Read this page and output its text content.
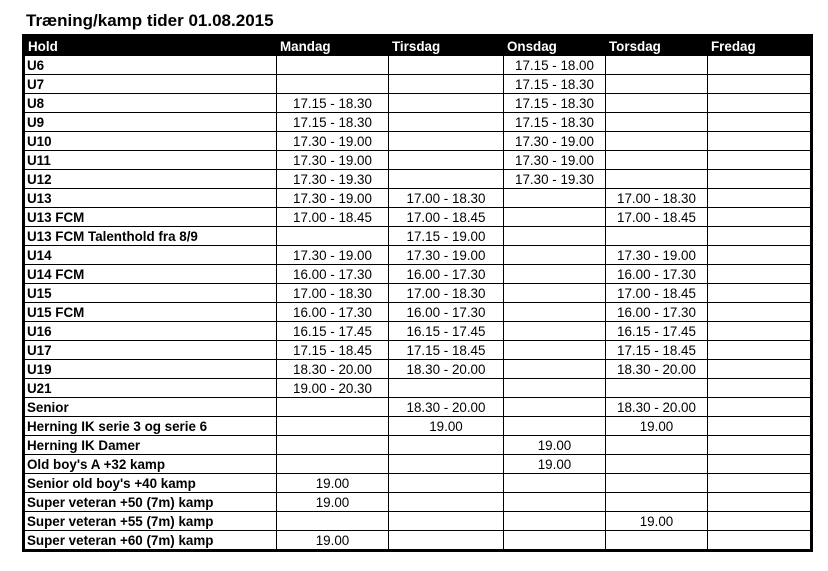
Træning/kamp tider 01.08.2015
Hold	Mandag	Tirsdag	Onsdag	Torsdag	Fredag
U6			17.15 - 18.00		
U7			17.15 - 18.30		
U8	17.15 - 18.30		17.15 - 18.30		
U9	17.15 - 18.30		17.15 - 18.30		
U10	17.30 - 19.00		17.30 - 19.00		
U11	17.30 - 19.00		17.30 - 19.00		
U12	17.30 - 19.30		17.30 - 19.30		
U13	17.30 - 19.00	17.00 - 18.30		17.00 - 18.30	
U13 FCM	17.00 - 18.45	17.00 - 18.45		17.00 - 18.45	
U13 FCM Talenthold fra 8/9		17.15 - 19.00			
U14	17.30 - 19.00	17.30 - 19.00		17.30 - 19.00	
U14 FCM	16.00 - 17.30	16.00 - 17.30		16.00 - 17.30	
U15	17.00 - 18.30	17.00 - 18.30		17.00 - 18.45	
U15 FCM	16.00 - 17.30	16.00 - 17.30		16.00 - 17.30	
U16	16.15 - 17.45	16.15 - 17.45		16.15 - 17.45	
U17	17.15 - 18.45	17.15 - 18.45		17.15 - 18.45	
U19	18.30 - 20.00	18.30 - 20.00		18.30 - 20.00	
U21	19.00 - 20.30				
Senior		18.30 - 20.00		18.30 - 20.00	
Herning IK serie 3 og serie 6		19.00		19.00	
Herning IK Damer			19.00		
Old boy's A +32 kamp			19.00		
Senior old boy's +40 kamp	19.00				
Super veteran +50 (7m) kamp	19.00				
Super veteran +55 (7m) kamp				19.00	
Super veteran +60 (7m) kamp	19.00				
